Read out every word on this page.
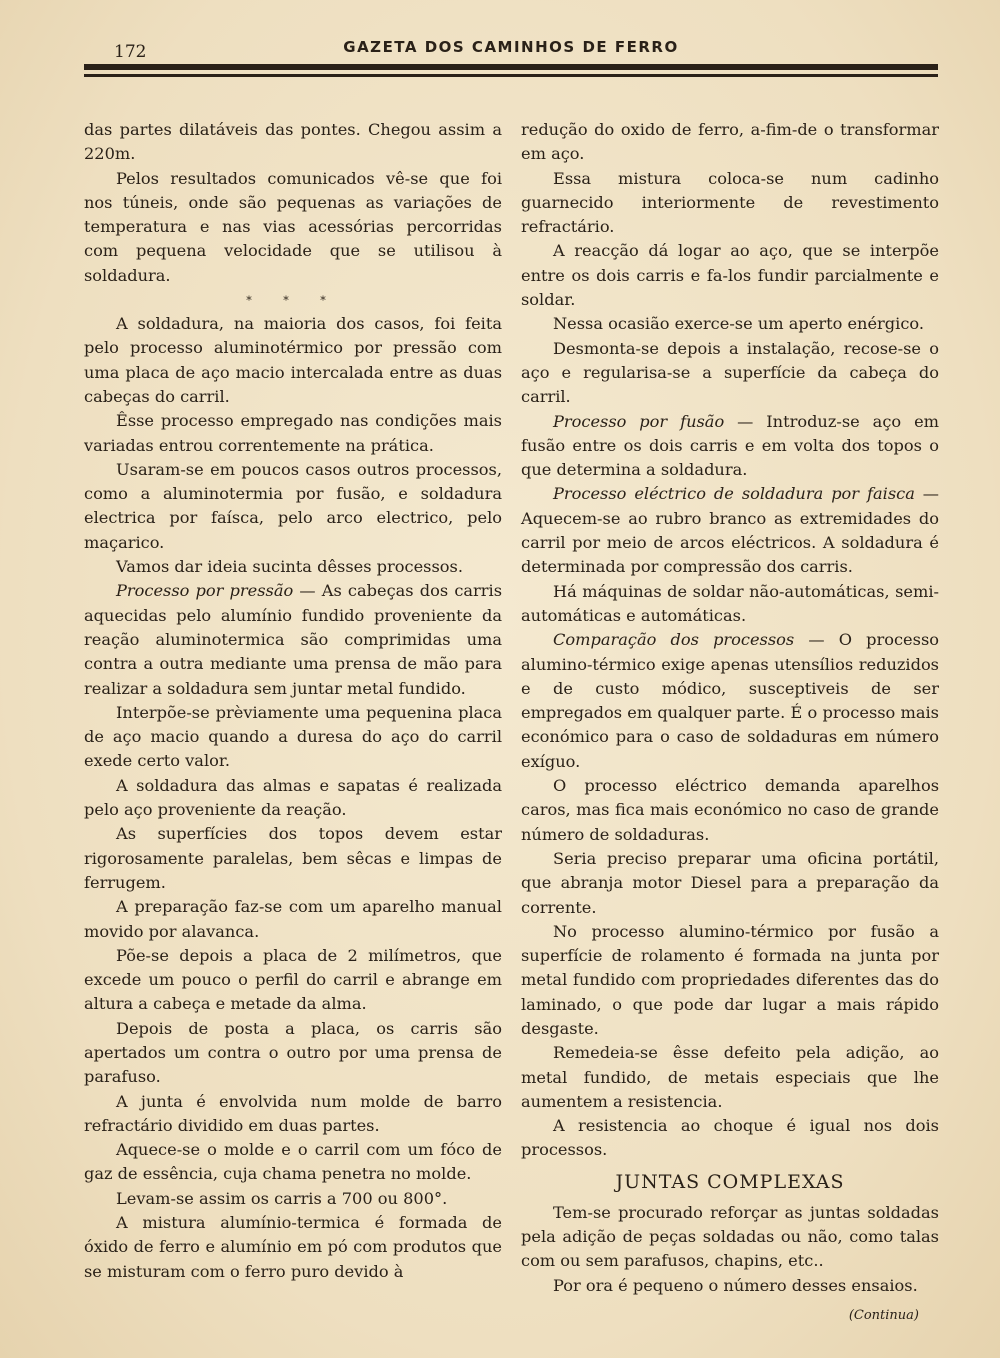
172	GAZETA DOS CAMINHOS DE FERRO

das partes dilatáveis das pontes. Chegou assim a 220m.

Pelos resultados comunicados vê-se que foi nos túneis, onde são pequenas as variações de temperatura e nas vias acessórias percorridas com pequena velocidade que se utilisou à soldadura.

* * *

A soldadura, na maioria dos casos, foi feita pelo processo aluminotérmico por pressão com uma placa de aço macio intercalada entre as duas cabeças do carril.

Êsse processo empregado nas condições mais variadas entrou correntemente na prática.

Usaram-se em poucos casos outros processos, como a aluminotermia por fusão, e soldadura electrica por faísca, pelo arco electrico, pelo maçarico.

Vamos dar ideia sucinta dêsses processos.

Processo por pressão — As cabeças dos carris aquecidas pelo alumínio fundido proveniente da reação aluminotermica são comprimidas uma contra a outra mediante uma prensa de mão para realizar a soldadura sem juntar metal fundido.

Interpõe-se prèviamente uma pequenina placa de aço macio quando a duresa do aço do carril exede certo valor.

A soldadura das almas e sapatas é realizada pelo aço proveniente da reação.

As superfícies dos topos devem estar rigorosamente paralelas, bem sêcas e limpas de ferrugem.

A preparação faz-se com um aparelho manual movido por alavanca.

Põe-se depois a placa de 2 milímetros, que excede um pouco o perfil do carril e abrange em altura a cabeça e metade da alma.

Depois de posta a placa, os carris são apertados um contra o outro por uma prensa de parafuso.

A junta é envolvida num molde de barro refractário dividido em duas partes.

Aquece-se o molde e o carril com um fóco de gaz de essência, cuja chama penetra no molde.

Levam-se assim os carris a 700 ou 800°.

A mistura alumínio-termica é formada de óxido de ferro e alumínio em pó com produtos que se misturam com o ferro puro devido à

redução do oxido de ferro, a-fim-de o transformar em aço.

Essa mistura coloca-se num cadinho guarnecido interiormente de revestimento refractário.

A reacção dá logar ao aço, que se interpõe entre os dois carris e fa-los fundir parcialmente e soldar.

Nessa ocasião exerce-se um aperto enérgico.

Desmonta-se depois a instalação, recose-se o aço e regularisa-se a superfície da cabeça do carril.

Processo por fusão — Introduz-se aço em fusão entre os dois carris e em volta dos topos o que determina a soldadura.

Processo eléctrico de soldadura por faisca — Aquecem-se ao rubro branco as extremidades do carril por meio de arcos eléctricos. A soldadura é determinada por compressão dos carris.

Há máquinas de soldar não-automáticas, semi-automáticas e automáticas.

Comparação dos processos — O processo alumino-térmico exige apenas utensílios reduzidos e de custo módico, susceptiveis de ser empregados em qualquer parte. É o processo mais económico para o caso de soldaduras em número exíguo.

O processo eléctrico demanda aparelhos caros, mas fica mais económico no caso de grande número de soldaduras.

Seria preciso preparar uma oficina portátil, que abranja motor Diesel para a preparação da corrente.

No processo alumino-térmico por fusão a superfície de rolamento é formada na junta por metal fundido com propriedades diferentes das do laminado, o que pode dar lugar a mais rápido desgaste.

Remedeia-se êsse defeito pela adição, ao metal fundido, de metais especiais que lhe aumentem a resistencia.

A resistencia ao choque é igual nos dois processos.

JUNTAS COMPLEXAS

Tem-se procurado reforçar as juntas soldadas pela adição de peças soldadas ou não, como talas com ou sem parafusos, chapins, etc..

Por ora é pequeno o número desses ensaios.

(Continua)
